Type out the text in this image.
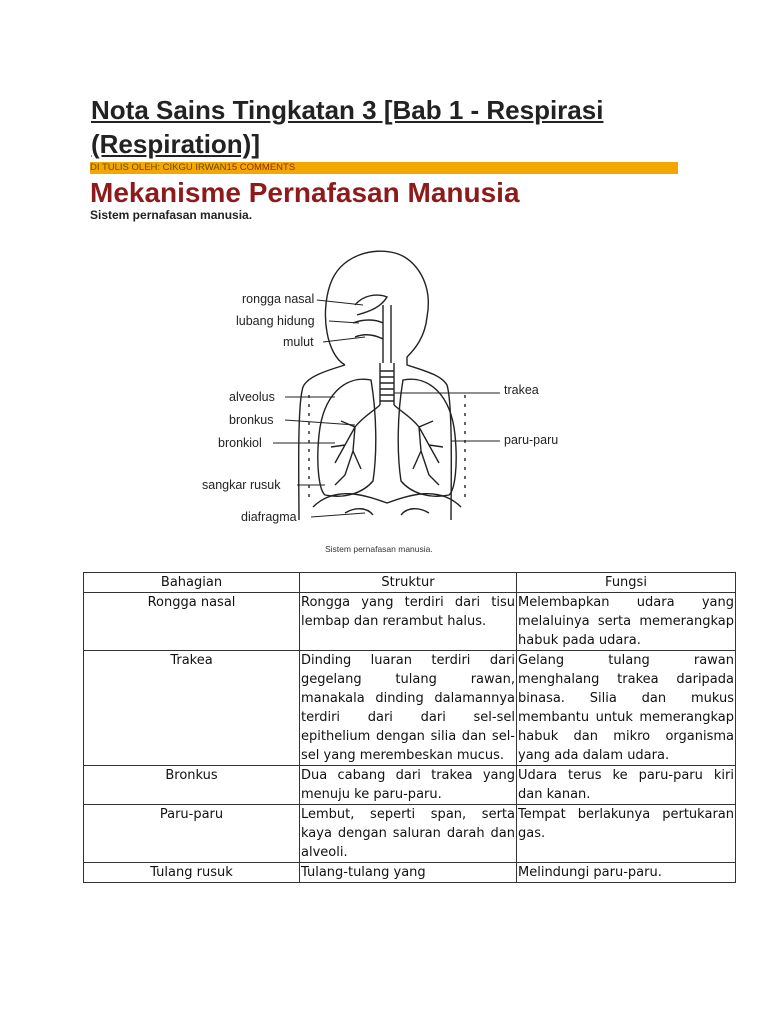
Nota Sains Tingkatan 3 [Bab 1 - Respirasi (Respiration)]
DI TULIS OLEH: CIKGU IRWAN15 COMMENTS
Mekanisme Pernafasan Manusia
Sistem pernafasan manusia.
rongga nasal
lubang hidung
mulut
alveolus
bronkus
bronkiol
sangkar rusuk
diafragma
trakea
paru-paru
Sistem pernafasan manusia.
Bahagian	Struktur	Fungsi
Rongga nasal	Rongga yang terdiri dari tisu lembap dan rerambut halus.	Melembapkan udara yang melaluinya serta memerangkap habuk pada udara.
Trakea	Dinding luaran terdiri dari gegelang tulang rawan, manakala dinding dalamannya terdiri dari dari sel-sel epithelium dengan silia dan sel-sel yang merembeskan mucus.	Gelang tulang rawan menghalang trakea daripada binasa. Silia dan mukus membantu untuk memerangkap habuk dan mikro organisma yang ada dalam udara.
Bronkus	Dua cabang dari trakea yang menuju ke paru-paru.	Udara terus ke paru-paru kiri dan kanan.
Paru-paru	Lembut, seperti span, serta kaya dengan saluran darah dan alveoli.	Tempat berlakunya pertukaran gas.
Tulang rusuk	Tulang-tulang yang	Melindungi paru-paru.
